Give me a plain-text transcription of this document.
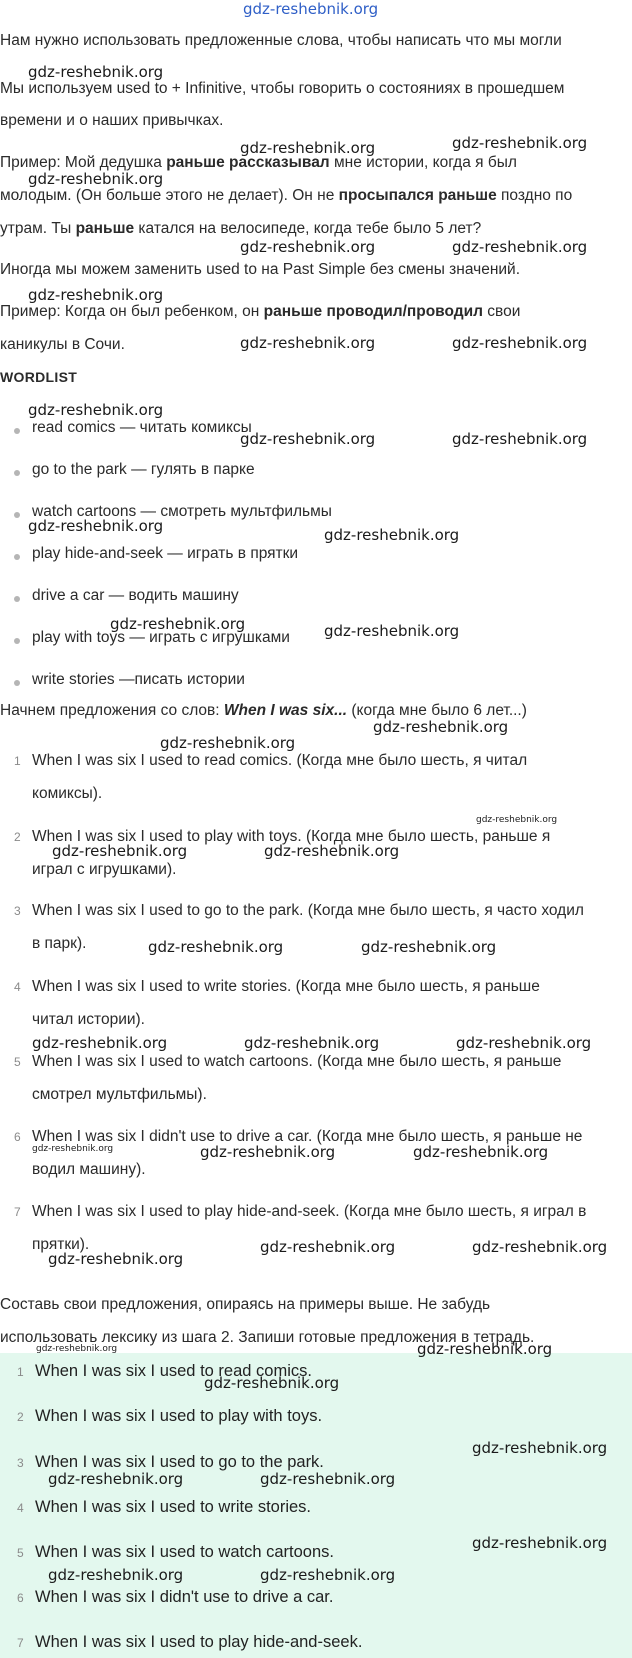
Нам нужно использовать предложенные слова, чтобы написать что мы могли
Мы используем used to + Infinitive, чтобы говорить о состояниях в прошедшем
времени и о наших привычках.
Пример: Мой дедушка раньше рассказывал мне истории, когда я был
молодым. (Он больше этого не делает). Он не просыпался раньше поздно по
утрам. Ты раньше катался на велосипеде, когда тебе было 5 лет?
Иногда мы можем заменить used to на Past Simple без смены значений.
Пример: Когда он был ребенком, он раньше проводил/проводил свои
каникулы в Сочи.
WORDLIST
read comics — читать комиксы
go to the park — гулять в парке
watch cartoons — смотреть мультфильмы
play hide-and-seek — играть в прятки
drive a car — водить машину
play with toys — играть с игрушками
write stories —писать истории
Начнем предложения со слов: When I was six... (когда мне было 6 лет...)
1 When I was six I used to read comics. (Когда мне было шесть, я читал
комиксы).
2 When I was six I used to play with toys. (Когда мне было шесть, раньше я
играл с игрушками).
3 When I was six I used to go to the park. (Когда мне было шесть, я часто ходил
в парк).
4 When I was six I used to write stories. (Когда мне было шесть, я раньше
читал истории).
5 When I was six I used to watch cartoons. (Когда мне было шесть, я раньше
смотрел мультфильмы).
6 When I was six I didn't use to drive a car. (Когда мне было шесть, я раньше не
водил машину).
7 When I was six I used to play hide-and-seek. (Когда мне было шесть, я играл в
прятки).
Составь свои предложения, опираясь на примеры выше. Не забудь
использовать лексику из шага 2. Запиши готовые предложения в тетрадь.
1 When I was six I used to read comics.
2 When I was six I used to play with toys.
3 When I was six I used to go to the park.
4 When I was six I used to write stories.
5 When I was six I used to watch cartoons.
6 When I was six I didn't use to drive a car.
7 When I was six I used to play hide-and-seek.
gdz-reshebnik.org
gdz-reshebnik.org
gdz-reshebnik.org	gdz-reshebnik.org
gdz-reshebnik.org
gdz-reshebnik.org	gdz-reshebnik.org
gdz-reshebnik.org
gdz-reshebnik.org	gdz-reshebnik.org
gdz-reshebnik.org
gdz-reshebnik.org	gdz-reshebnik.org
gdz-reshebnik.org	gdz-reshebnik.org
gdz-reshebnik.org	gdz-reshebnik.org
gdz-reshebnik.org
gdz-reshebnik.org
gdz-reshebnik.org
gdz-reshebnik.org	gdz-reshebnik.org
gdz-reshebnik.org	gdz-reshebnik.org
gdz-reshebnik.org	gdz-reshebnik.org	gdz-reshebnik.org
gdz-reshebnik.org	gdz-reshebnik.org	gdz-reshebnik.org
gdz-reshebnik.org	gdz-reshebnik.org
gdz-reshebnik.org
gdz-reshebnik.org	gdz-reshebnik.org
gdz-reshebnik.org
gdz-reshebnik.org
gdz-reshebnik.org	gdz-reshebnik.org
gdz-reshebnik.org
gdz-reshebnik.org	gdz-reshebnik.org
